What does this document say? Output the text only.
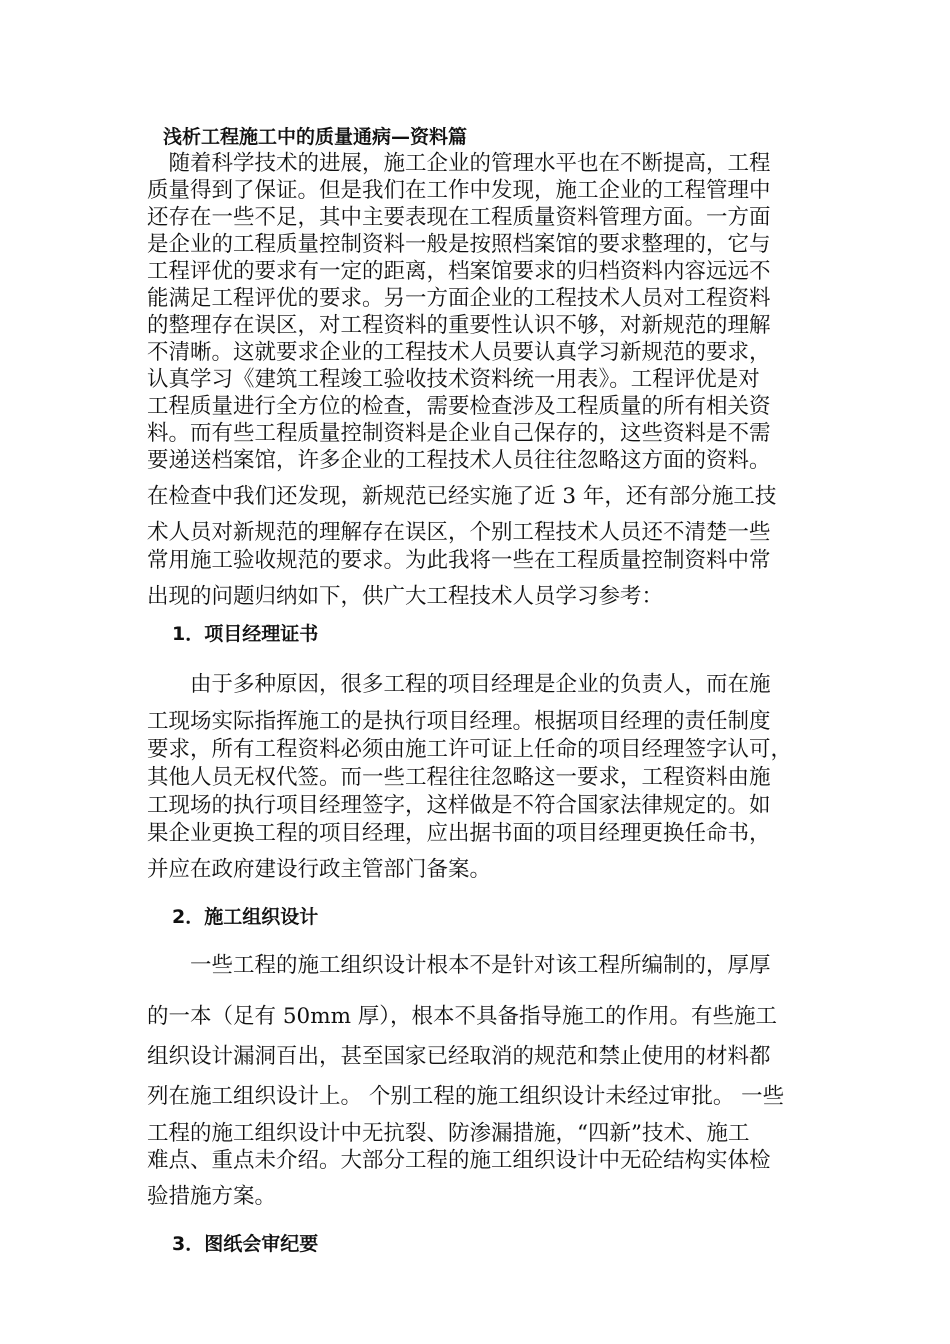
浅析工程施工中的质量通病—资料篇
　随着科学技术的进展，施工企业的管理水平也在不断提高，工程
质量得到了保证。但是我们在工作中发现，施工企业的工程管理中
还存在一些不足，其中主要表现在工程质量资料管理方面。一方面
是企业的工程质量控制资料一般是按照档案馆的要求整理的，它与
工程评优的要求有一定的距离，档案馆要求的归档资料内容远远不
能满足工程评优的要求。另一方面企业的工程技术人员对工程资料
的整理存在误区，对工程资料的重要性认识不够，对新规范的理解
不清晰。这就要求企业的工程技术人员要认真学习新规范的要求，
认真学习《建筑工程竣工验收技术资料统一用表》。工程评优是对
工程质量进行全方位的检查，需要检查涉及工程质量的所有相关资
料。而有些工程质量控制资料是企业自己保存的，这些资料是不需
要递送档案馆，许多企业的工程技术人员往往忽略这方面的资料。
在检查中我们还发现，新规范已经实施了近 3 年，还有部分施工技
术人员对新规范的理解存在误区，个别工程技术人员还不清楚一些
常用施工验收规范的要求。为此我将一些在工程质量控制资料中常
出现的问题归纳如下，供广大工程技术人员学习参考：
1．项目经理证书
　　由于多种原因，很多工程的项目经理是企业的负责人，而在施
工现场实际指挥施工的是执行项目经理。根据项目经理的责任制度
要求，所有工程资料必须由施工许可证上任命的项目经理签字认可，
其他人员无权代签。而一些工程往往忽略这一要求，工程资料由施
工现场的执行项目经理签字，这样做是不符合国家法律规定的。如
果企业更换工程的项目经理，应出据书面的项目经理更换任命书，
并应在政府建设行政主管部门备案。
2．施工组织设计
　　一些工程的施工组织设计根本不是针对该工程所编制的，厚厚
的一本（足有 50mm 厚），根本不具备指导施工的作用。有些施工
组织设计漏洞百出，甚至国家已经取消的规范和禁止使用的材料都
列在施工组织设计上。 个别工程的施工组织设计未经过审批。 一些
工程的施工组织设计中无抗裂、防渗漏措施，“四新”技术、施工
难点、重点未介绍。大部分工程的施工组织设计中无砼结构实体检
验措施方案。
3．图纸会审纪要
